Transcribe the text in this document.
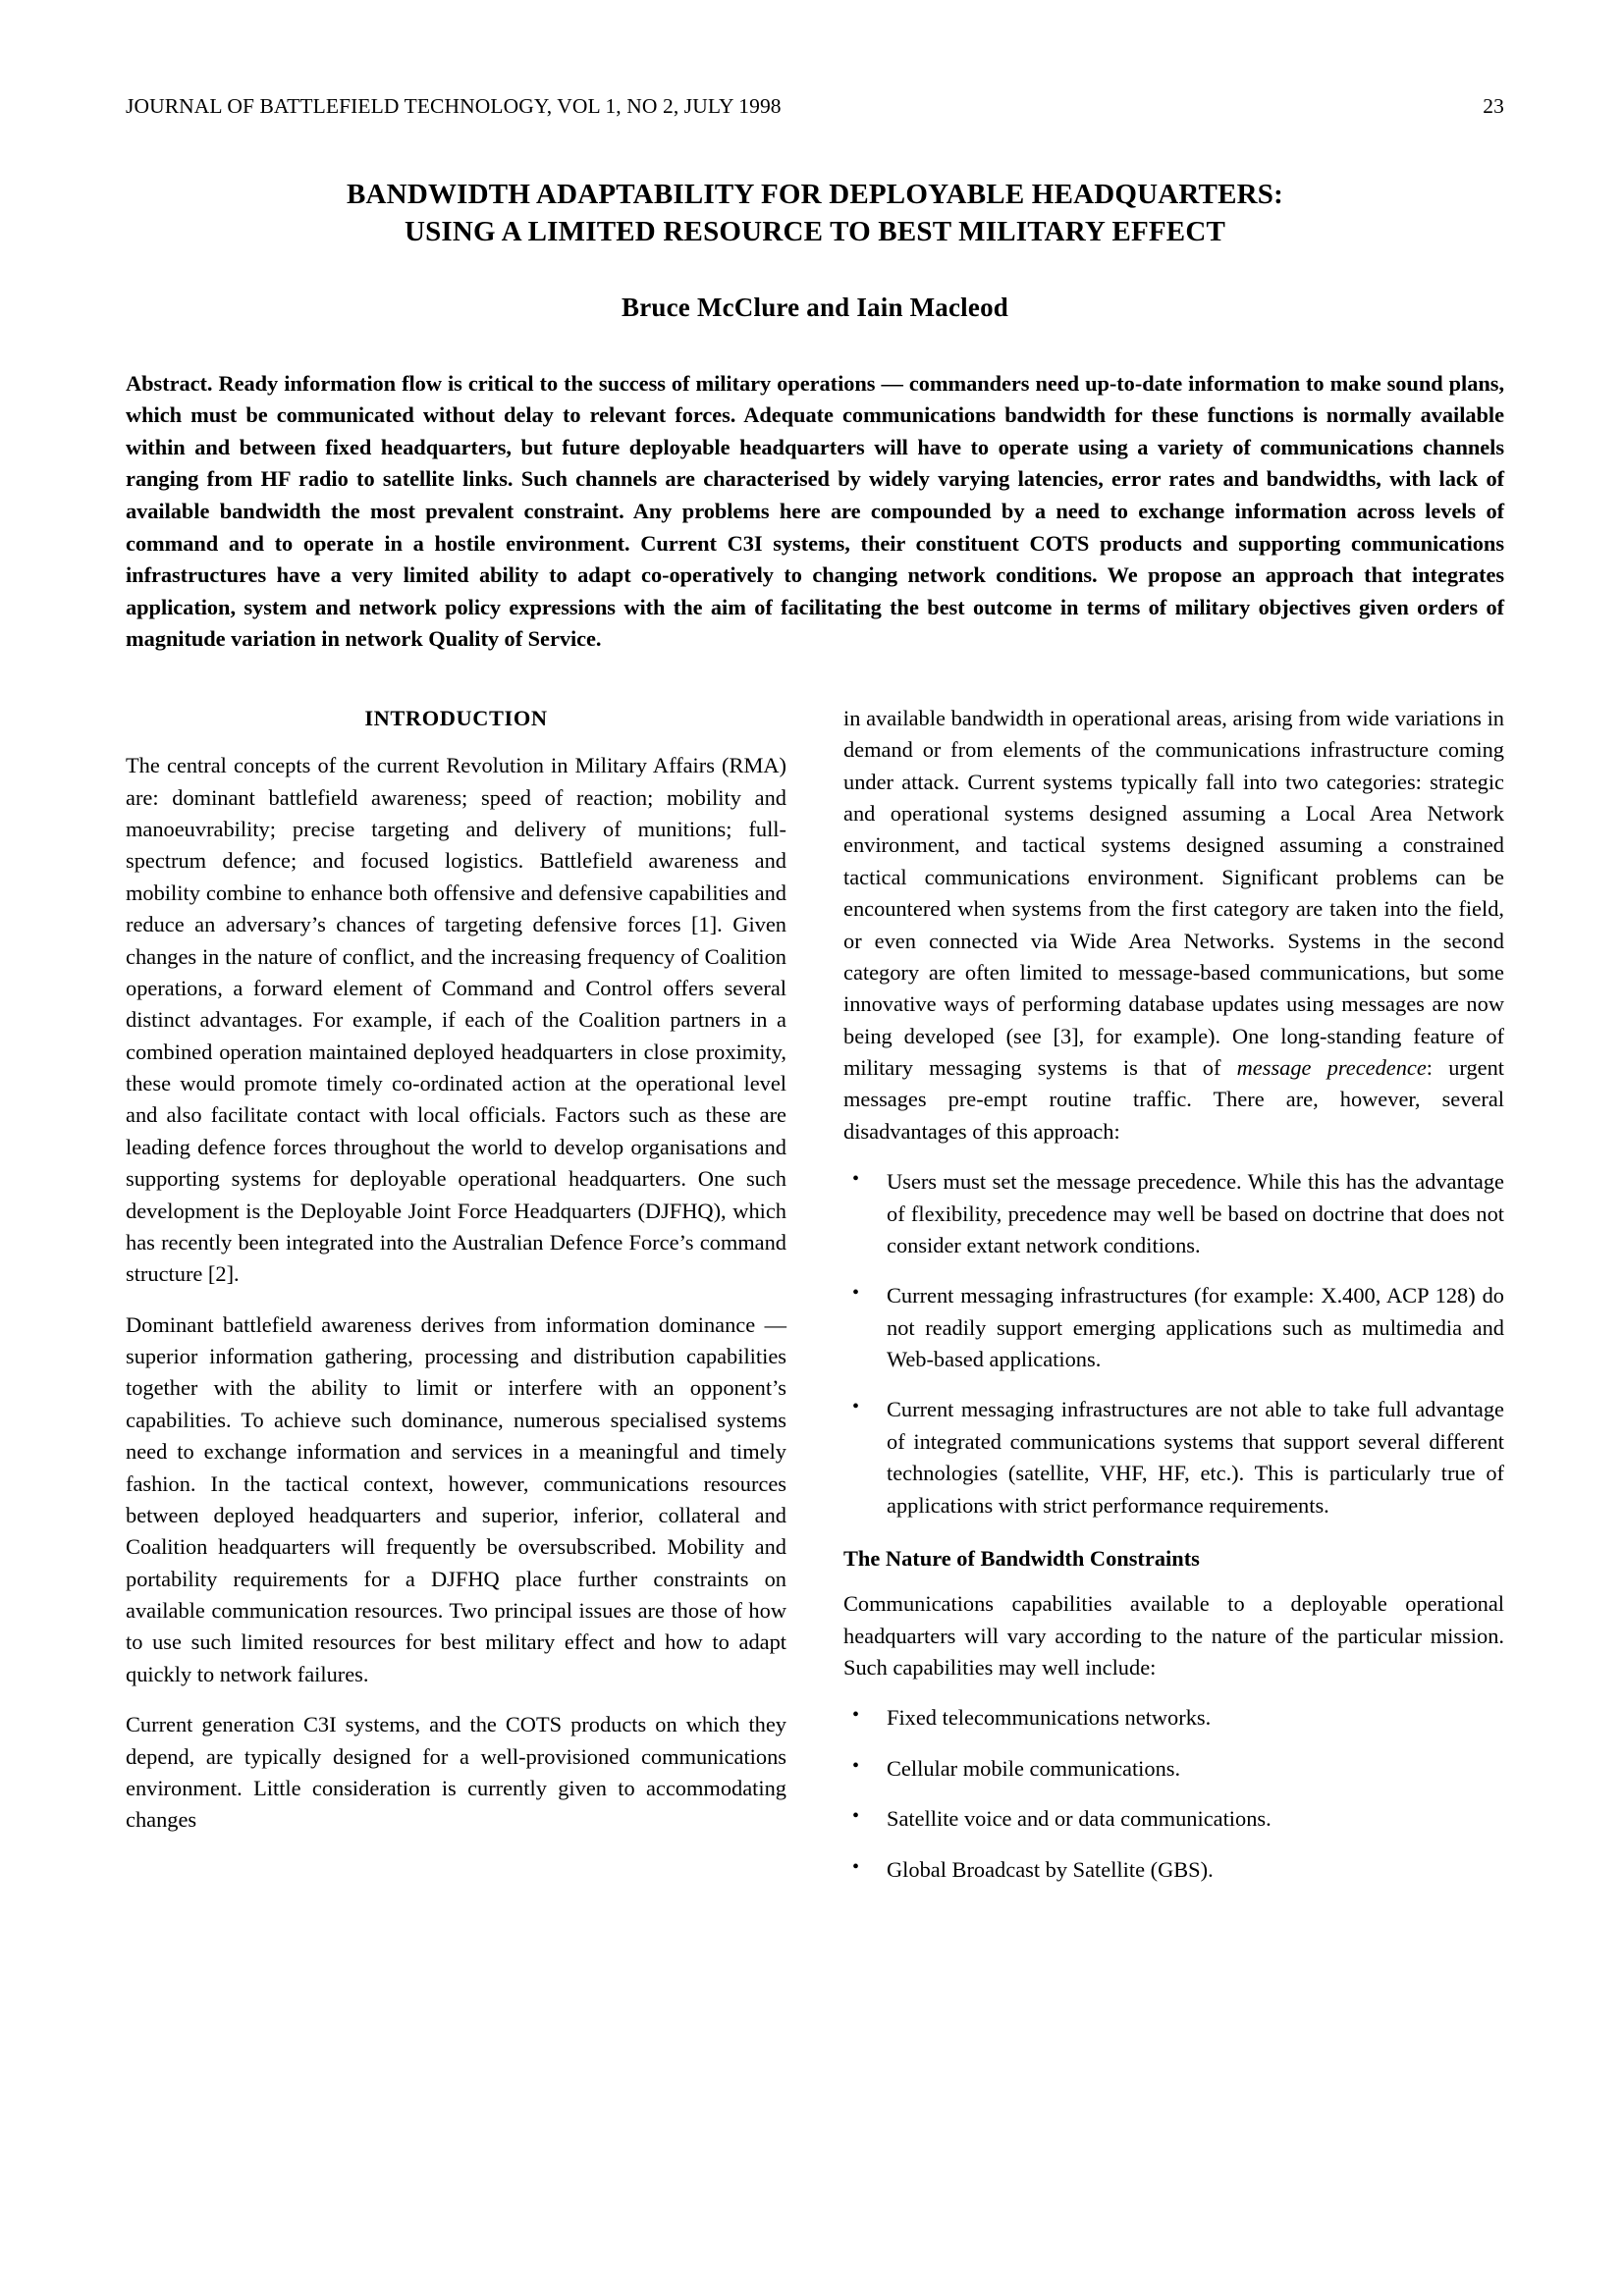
JOURNAL OF BATTLEFIELD TECHNOLOGY, VOL 1, NO 2, JULY 1998	23
BANDWIDTH ADAPTABILITY FOR DEPLOYABLE HEADQUARTERS:
USING A LIMITED RESOURCE TO BEST MILITARY EFFECT
Bruce McClure and Iain Macleod
Abstract. Ready information flow is critical to the success of military operations — commanders need up-to-date information to make sound plans, which must be communicated without delay to relevant forces. Adequate communications bandwidth for these functions is normally available within and between fixed headquarters, but future deployable headquarters will have to operate using a variety of communications channels ranging from HF radio to satellite links. Such channels are characterised by widely varying latencies, error rates and bandwidths, with lack of available bandwidth the most prevalent constraint. Any problems here are compounded by a need to exchange information across levels of command and to operate in a hostile environment. Current C3I systems, their constituent COTS products and supporting communications infrastructures have a very limited ability to adapt co-operatively to changing network conditions. We propose an approach that integrates application, system and network policy expressions with the aim of facilitating the best outcome in terms of military objectives given orders of magnitude variation in network Quality of Service.
INTRODUCTION

The central concepts of the current Revolution in Military Affairs (RMA) are: dominant battlefield awareness; speed of reaction; mobility and manoeuvrability; precise targeting and delivery of munitions; full-spectrum defence; and focused logistics. Battlefield awareness and mobility combine to enhance both offensive and defensive capabilities and reduce an adversary’s chances of targeting defensive forces [1]. Given changes in the nature of conflict, and the increasing frequency of Coalition operations, a forward element of Command and Control offers several distinct advantages. For example, if each of the Coalition partners in a combined operation maintained deployed headquarters in close proximity, these would promote timely co-ordinated action at the operational level and also facilitate contact with local officials. Factors such as these are leading defence forces throughout the world to develop organisations and supporting systems for deployable operational headquarters. One such development is the Deployable Joint Force Headquarters (DJFHQ), which has recently been integrated into the Australian Defence Force’s command structure [2].

Dominant battlefield awareness derives from information dominance — superior information gathering, processing and distribution capabilities together with the ability to limit or interfere with an opponent’s capabilities. To achieve such dominance, numerous specialised systems need to exchange information and services in a meaningful and timely fashion. In the tactical context, however, communications resources between deployed headquarters and superior, inferior, collateral and Coalition headquarters will frequently be oversubscribed. Mobility and portability requirements for a DJFHQ place further constraints on available communication resources. Two principal issues are those of how to use such limited resources for best military effect and how to adapt quickly to network failures.

Current generation C3I systems, and the COTS products on which they depend, are typically designed for a well-provisioned communications environment. Little consideration is currently given to accommodating changes

in available bandwidth in operational areas, arising from wide variations in demand or from elements of the communications infrastructure coming under attack. Current systems typically fall into two categories: strategic and operational systems designed assuming a Local Area Network environment, and tactical systems designed assuming a constrained tactical communications environment. Significant problems can be encountered when systems from the first category are taken into the field, or even connected via Wide Area Networks. Systems in the second category are often limited to message-based communications, but some innovative ways of performing database updates using messages are now being developed (see [3], for example). One long-standing feature of military messaging systems is that of message precedence: urgent messages pre-empt routine traffic. There are, however, several disadvantages of this approach:

• Users must set the message precedence. While this has the advantage of flexibility, precedence may well be based on doctrine that does not consider extant network conditions.
• Current messaging infrastructures (for example: X.400, ACP 128) do not readily support emerging applications such as multimedia and Web-based applications.
• Current messaging infrastructures are not able to take full advantage of integrated communications systems that support several different technologies (satellite, VHF, HF, etc.). This is particularly true of applications with strict performance requirements.
The Nature of Bandwidth Constraints

Communications capabilities available to a deployable operational headquarters will vary according to the nature of the particular mission. Such capabilities may well include:

• Fixed telecommunications networks.
• Cellular mobile communications.
• Satellite voice and or data communications.
• Global Broadcast by Satellite (GBS).
